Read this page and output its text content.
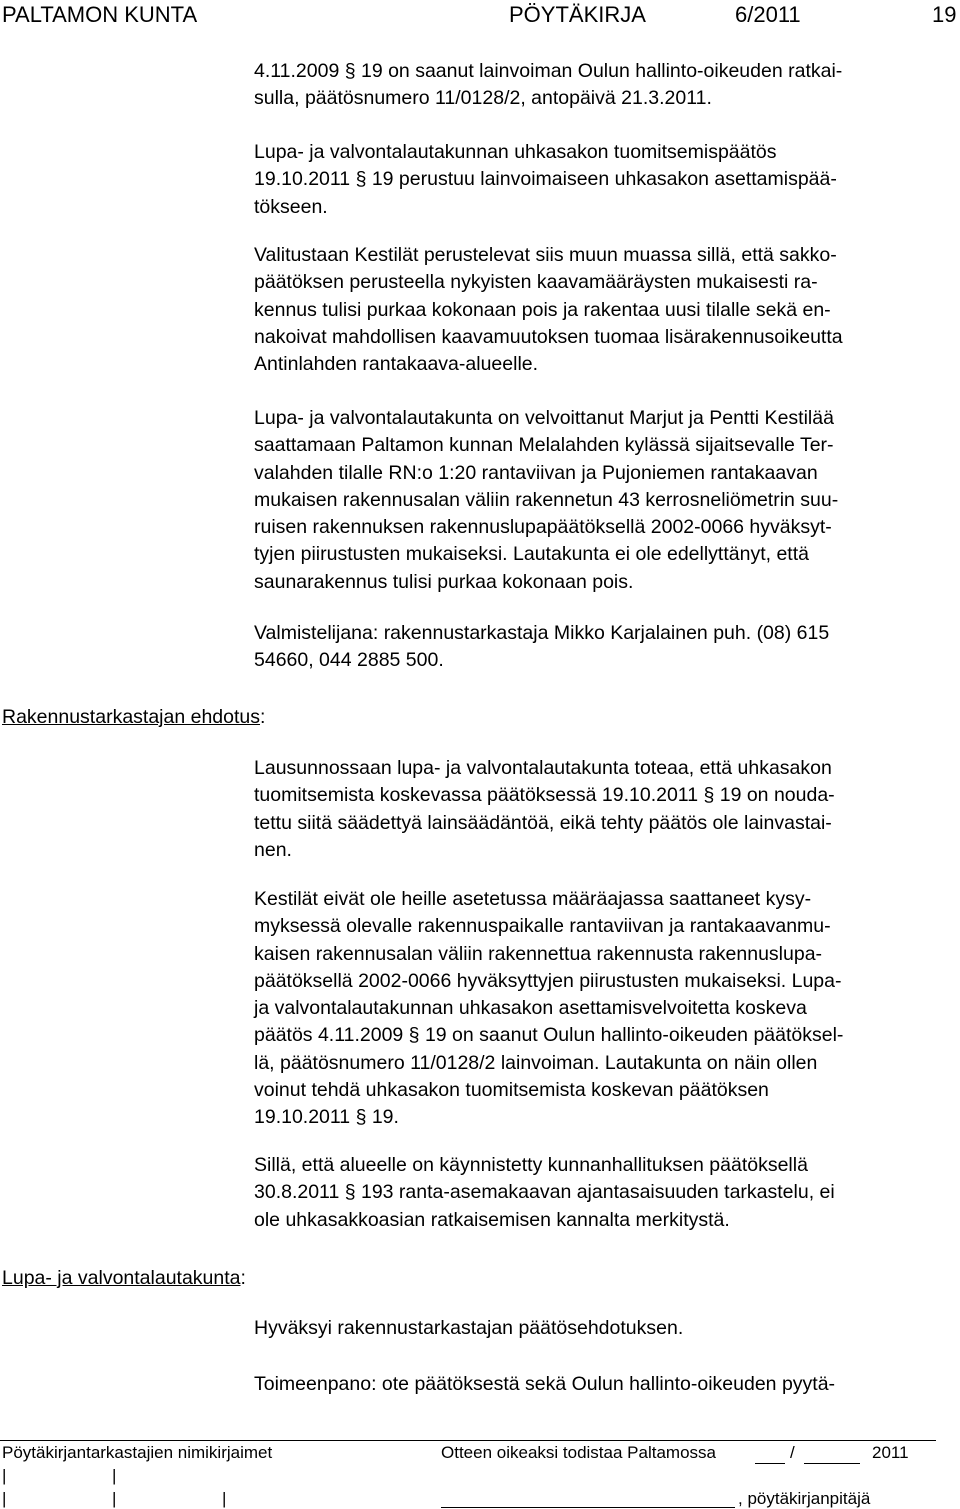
PALTAMON KUNTA	PÖYTÄKIRJA	6/2011	19
Rakennustarkastajan ehdotus:
Lupa- ja valvontalautakunta:
4.11.2009 § 19 on saanut lainvoiman Oulun hallinto-oikeuden ratkai-
sulla, päätösnumero 11/0128/2, antopäivä 21.3.2011.
Lupa- ja valvontalautakunnan uhkasakon tuomitsemispäätös
19.10.2011 § 19 perustuu lainvoimaiseen uhkasakon asettamispää-
tökseen.
Valitustaan Kestilät perustelevat siis muun muassa sillä, että sakko-
päätöksen perusteella nykyisten kaavamääräysten mukaisesti ra-
kennus tulisi purkaa kokonaan pois ja rakentaa uusi tilalle sekä en-
nakoivat mahdollisen kaavamuutoksen tuomaa lisärakennusoikeutta
Antinlahden rantakaava-alueelle.
Lupa- ja valvontalautakunta on velvoittanut Marjut ja Pentti Kestilää
saattamaan Paltamon kunnan Melalahden kylässä sijaitsevalle Ter-
valahden tilalle RN:o 1:20 rantaviivan ja Pujoniemen rantakaavan
mukaisen rakennusalan väliin rakennetun 43 kerrosneliömetrin suu-
ruisen rakennuksen rakennuslupapäätöksellä 2002-0066 hyväksyt-
tyjen piirustusten mukaiseksi. Lautakunta ei ole edellyttänyt, että
saunarakennus tulisi purkaa kokonaan pois.
Valmistelijana: rakennustarkastaja Mikko Karjalainen puh. (08) 615
54660, 044 2885 500.
Lausunnossaan lupa- ja valvontalautakunta toteaa, että uhkasakon
tuomitsemista koskevassa päätöksessä 19.10.2011 § 19 on nouda-
tettu siitä säädettyä lainsäädäntöä, eikä tehty päätös ole lainvastai-
nen.
Kestilät eivät ole heille asetetussa määräajassa saattaneet kysy-
myksessä olevalle rakennuspaikalle rantaviivan ja rantakaavanmu-
kaisen rakennusalan väliin rakennettua rakennusta rakennuslupa-
päätöksellä 2002-0066 hyväksyttyjen piirustusten mukaiseksi. Lupa-
ja valvontalautakunnan uhkasakon asettamisvelvoitetta koskeva
päätös 4.11.2009 § 19 on saanut Oulun hallinto-oikeuden päätöksel-
lä, päätösnumero 11/0128/2 lainvoiman. Lautakunta on näin ollen
voinut tehdä uhkasakon tuomitsemista koskevan päätöksen
19.10.2011 § 19.
Sillä, että alueelle on käynnistetty kunnanhallituksen päätöksellä
30.8.2011 § 193 ranta-asemakaavan ajantasaisuuden tarkastelu, ei
ole uhkasakkoasian ratkaisemisen kannalta merkitystä.
Hyväksyi rakennustarkastajan päätösehdotuksen.
Toimeenpano: ote päätöksestä sekä Oulun hallinto-oikeuden pyytä-
Pöytäkirjantarkastajien nimikirjaimet	Otteen oikeaksi todistaa Paltamossa	/	2011
|	|
|	|	|	, pöytäkirjanpitäjä
